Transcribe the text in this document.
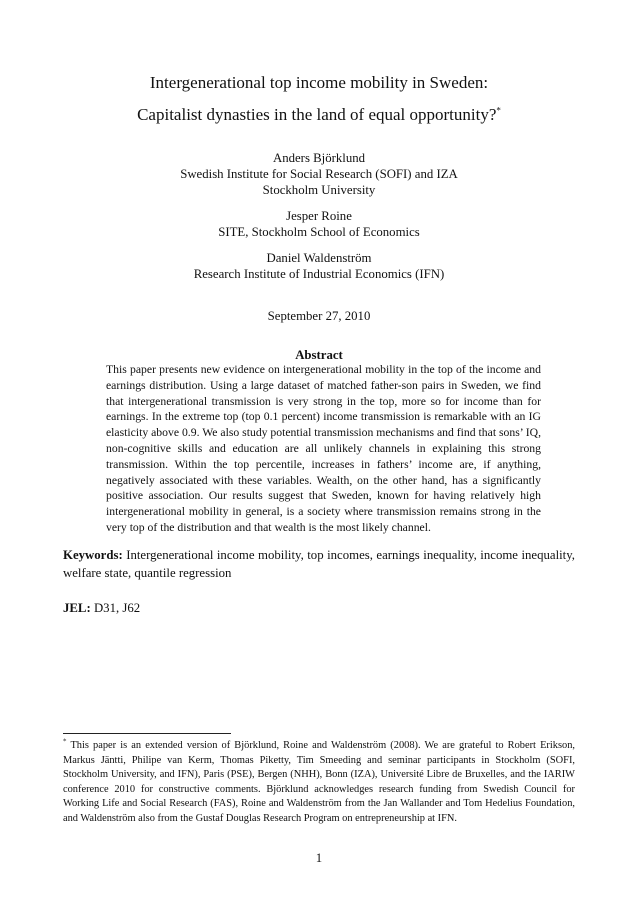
Intergenerational top income mobility in Sweden:
Capitalist dynasties in the land of equal opportunity?*
Anders Björklund
Swedish Institute for Social Research (SOFI) and IZA
Stockholm University
Jesper Roine
SITE, Stockholm School of Economics
Daniel Waldenström
Research Institute of Industrial Economics (IFN)
September 27, 2010
Abstract
This paper presents new evidence on intergenerational mobility in the top of the income and earnings distribution. Using a large dataset of matched father-son pairs in Sweden, we find that intergenerational transmission is very strong in the top, more so for income than for earnings. In the extreme top (top 0.1 percent) income transmission is remarkable with an IG elasticity above 0.9. We also study potential transmission mechanisms and find that sons’ IQ, non-cognitive skills and education are all unlikely channels in explaining this strong transmission. Within the top percentile, increases in fathers’ income are, if anything, negatively associated with these variables. Wealth, on the other hand, has a significantly positive association. Our results suggest that Sweden, known for having relatively high intergenerational mobility in general, is a society where transmission remains strong in the very top of the distribution and that wealth is the most likely channel.
Keywords: Intergenerational income mobility, top incomes, earnings inequality, income inequality, welfare state, quantile regression
JEL: D31, J62
* This paper is an extended version of Björklund, Roine and Waldenström (2008). We are grateful to Robert Erikson, Markus Jäntti, Philipe van Kerm, Thomas Piketty, Tim Smeeding and seminar participants in Stockholm (SOFI, Stockholm University, and IFN), Paris (PSE), Bergen (NHH), Bonn (IZA), Université Libre de Bruxelles, and the IARIW conference 2010 for constructive comments. Björklund acknowledges research funding from Swedish Council for Working Life and Social Research (FAS), Roine and Waldenström from the Jan Wallander and Tom Hedelius Foundation, and Waldenström also from the Gustaf Douglas Research Program on entrepreneurship at IFN.
1
